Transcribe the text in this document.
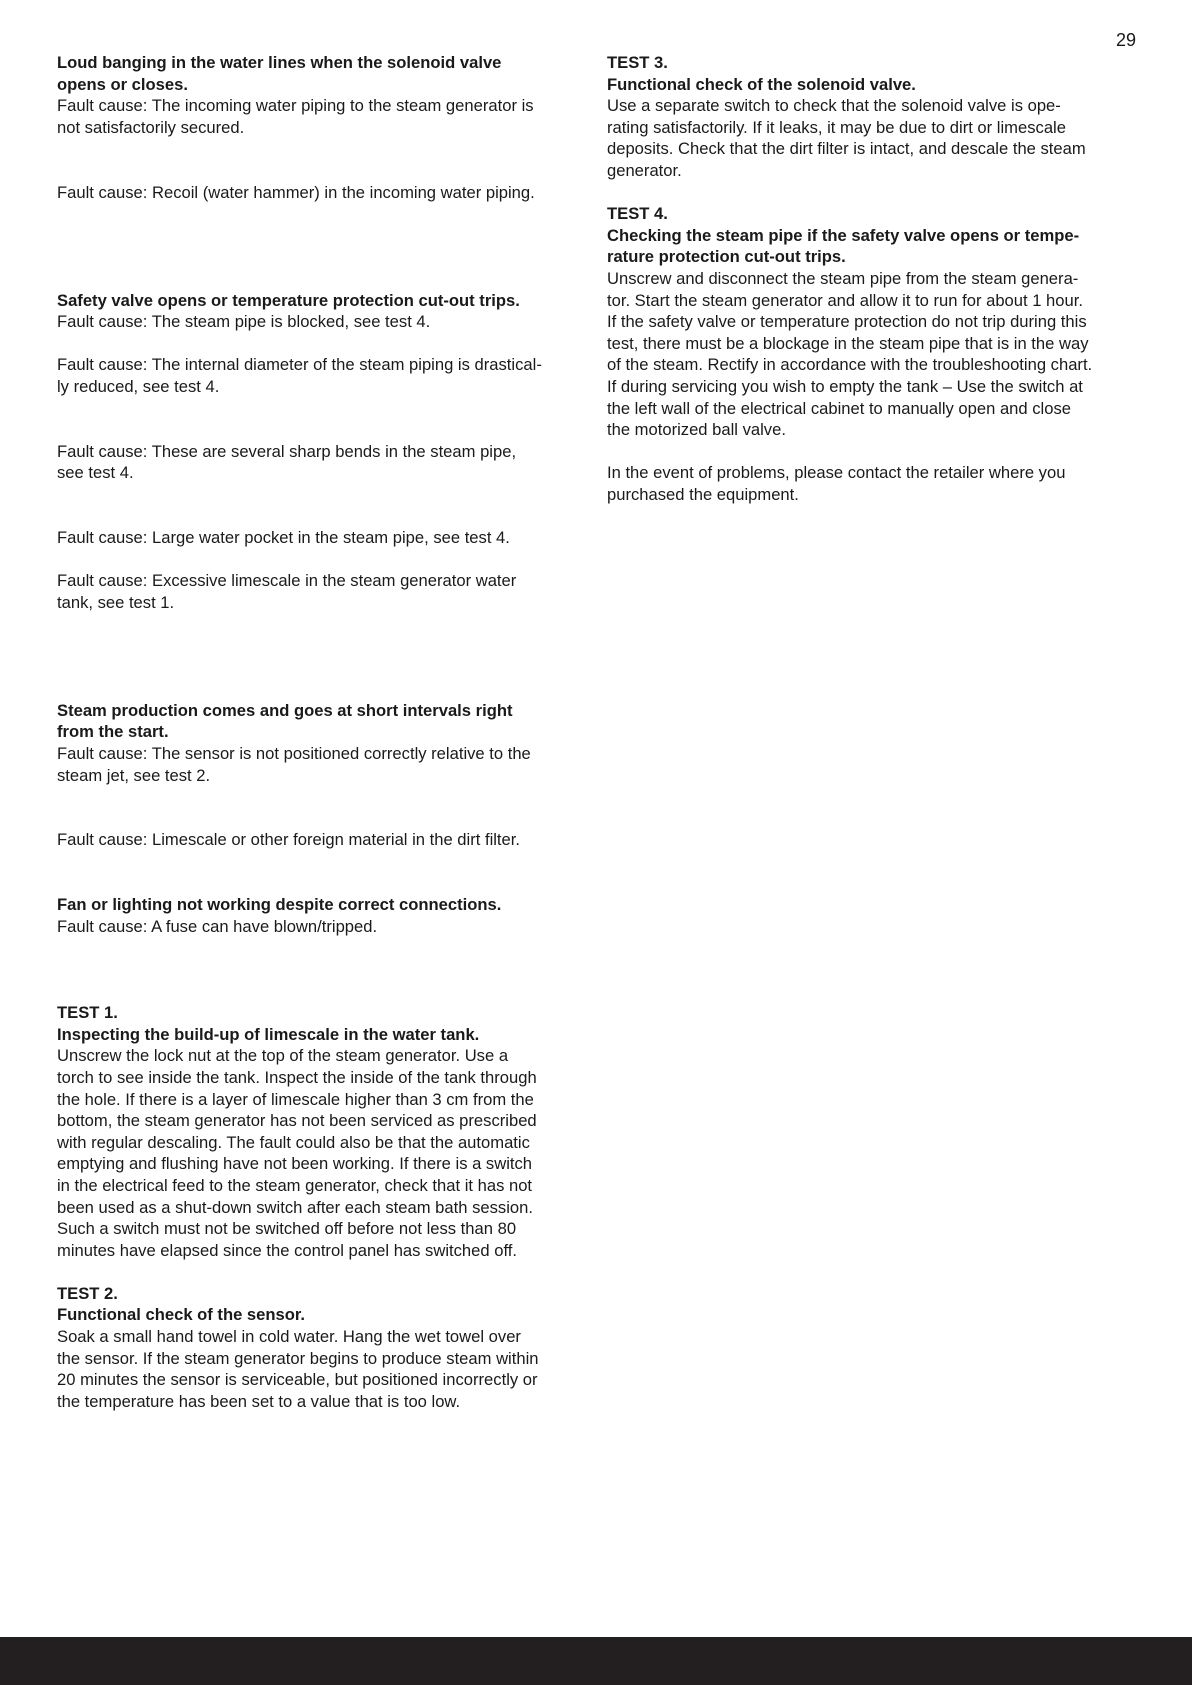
29

Loud banging in the water lines when the solenoid valve

opens or closes.

Fault cause: The incoming water piping to the steam generator is

not satisfactorily secured.

Fault cause: Recoil (water hammer) in the incoming water piping.

Safety valve opens or temperature protection cut-out trips.

Fault cause: The steam pipe is blocked, see test 4.

Fault cause: The internal diameter of the steam piping is drastical-

ly reduced, see test 4.

Fault cause: These are several sharp bends in the steam pipe,

see test 4.

Fault cause: Large water pocket in the steam pipe, see test 4.

Fault cause: Excessive limescale in the steam generator water

tank, see test 1.

Steam production comes and goes at short intervals right

from the start.

Fault cause: The sensor is not positioned correctly relative to the

steam jet, see test 2.

Fault cause: Limescale or other foreign material in the dirt filter.

Fan or lighting not working despite correct connections.

Fault cause: A fuse can have blown/tripped.

TEST 1.

Inspecting the build-up of limescale in the water tank.

Unscrew the lock nut at the top of the steam generator. Use a

torch to see inside the tank. Inspect the inside of the tank through

the hole. If there is a layer of limescale higher than 3 cm from the

bottom, the steam generator has not been serviced as prescribed

with regular descaling. The fault could also be that the automatic

emptying and flushing have not been working. If there is a switch

in the electrical feed to the steam generator, check that it has not

been used as a shut-down switch after each steam bath session.

Such a switch must not be switched off before not less than 80

minutes have elapsed since the control panel has switched off.

TEST 2.

Functional check of the sensor.

Soak a small hand towel in cold water. Hang the wet towel over

the sensor. If the steam generator begins to produce steam within

20 minutes the sensor is serviceable, but positioned incorrectly or

the temperature has been set to a value that is too low.

TEST 3.

Functional check of the solenoid valve.

Use a separate switch to check that the solenoid valve is ope-

rating satisfactorily. If it leaks, it may be due to dirt or limescale

deposits. Check that the dirt filter is intact, and descale the steam

generator.

TEST 4.

Checking the steam pipe if the safety valve opens or tempe-

rature protection cut-out trips.

Unscrew and disconnect the steam pipe from the steam genera-

tor. Start the steam generator and allow it to run for about 1 hour.

If the safety valve or temperature protection do not trip during this

test, there must be a blockage in the steam pipe that is in the way

of the steam. Rectify in accordance with the troubleshooting chart.

If during servicing you wish to empty the tank – Use the switch at

the left wall of the electrical cabinet to manually open and close

the motorized ball valve.

In the event of problems, please contact the retailer where you

purchased the equipment.
